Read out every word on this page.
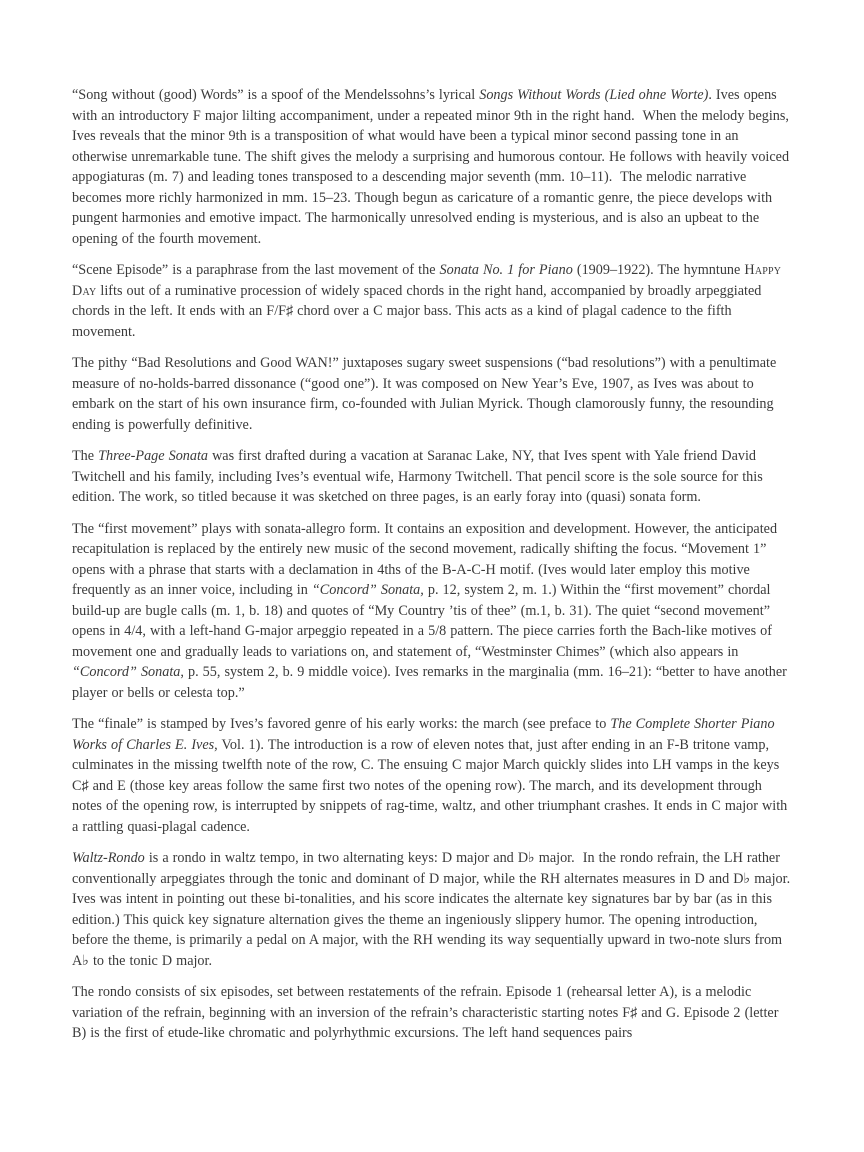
“Song without (good) Words” is a spoof of the Mendelssohns’s lyrical Songs Without Words (Lied ohne Worte). Ives opens with an introductory F major lilting accompaniment, under a repeated minor 9th in the right hand.  When the melody begins, Ives reveals that the minor 9th is a transposition of what would have been a typical minor second passing tone in an otherwise unremarkable tune. The shift gives the melody a surprising and humorous contour. He follows with heavily voiced appogiaturas (m. 7) and leading tones transposed to a descending major seventh (mm. 10–11).  The melodic narrative becomes more richly harmonized in mm. 15–23. Though begun as caricature of a romantic genre, the piece develops with pungent harmonies and emotive impact. The harmonically unresolved ending is mysterious, and is also an upbeat to the opening of the fourth movement.

“Scene Episode” is a paraphrase from the last movement of the Sonata No. 1 for Piano (1909–1922). The hymntune Happy Day lifts out of a ruminative procession of widely spaced chords in the right hand, accompanied by broadly arpeggiated chords in the left. It ends with an F/F♯ chord over a C major bass. This acts as a kind of plagal cadence to the fifth movement.

The pithy “Bad Resolutions and Good WAN!” juxtaposes sugary sweet suspensions (“bad resolutions”) with a penultimate measure of no-holds-barred dissonance (“good one”). It was composed on New Year’s Eve, 1907, as Ives was about to embark on the start of his own insurance firm, co-founded with Julian Myrick. Though clamorously funny, the resounding ending is powerfully definitive.

The Three-Page Sonata was first drafted during a vacation at Saranac Lake, NY, that Ives spent with Yale friend David Twitchell and his family, including Ives’s eventual wife, Harmony Twitchell. That pencil score is the sole source for this edition. The work, so titled because it was sketched on three pages, is an early foray into (quasi) sonata form.

The “first movement” plays with sonata-allegro form. It contains an exposition and development. However, the anticipated recapitulation is replaced by the entirely new music of the second movement, radically shifting the focus. “Movement 1” opens with a phrase that starts with a declamation in 4ths of the B-A-C-H motif. (Ives would later employ this motive frequently as an inner voice, including in “Concord” Sonata, p. 12, system 2, m. 1.) Within the “first movement” chordal build-up are bugle calls (m. 1, b. 18) and quotes of “My Country ’tis of thee” (m.1, b. 31). The quiet “second movement” opens in 4/4, with a left-hand G-major arpeggio repeated in a 5/8 pattern. The piece carries forth the Bach-like motives of movement one and gradually leads to variations on, and statement of, “Westminster Chimes” (which also appears in “Concord” Sonata, p. 55, system 2, b. 9 middle voice). Ives remarks in the marginalia (mm. 16–21): “better to have another player or bells or celesta top.”

The “finale” is stamped by Ives’s favored genre of his early works: the march (see preface to The Complete Shorter Piano Works of Charles E. Ives, Vol. 1). The introduction is a row of eleven notes that, just after ending in an F-B tritone vamp, culminates in the missing twelfth note of the row, C. The ensuing C major March quickly slides into LH vamps in the keys C♯ and E (those key areas follow the same first two notes of the opening row). The march, and its development through notes of the opening row, is interrupted by snippets of rag-time, waltz, and other triumphant crashes. It ends in C major with a rattling quasi-plagal cadence.

Waltz-Rondo is a rondo in waltz tempo, in two alternating keys: D major and D♭ major.  In the rondo refrain, the LH rather conventionally arpeggiates through the tonic and dominant of D major, while the RH alternates measures in D and D♭ major. Ives was intent in pointing out these bi-tonalities, and his score indicates the alternate key signatures bar by bar (as in this edition.) This quick key signature alternation gives the theme an ingeniously slippery humor. The opening introduction, before the theme, is primarily a pedal on A major, with the RH wending its way sequentially upward in two-note slurs from A♭ to the tonic D major.

The rondo consists of six episodes, set between restatements of the refrain. Episode 1 (rehearsal letter A), is a melodic variation of the refrain, beginning with an inversion of the refrain’s characteristic starting notes F♯ and G. Episode 2 (letter B) is the first of etude-like chromatic and polyrhythmic excursions. The left hand sequences pairs
